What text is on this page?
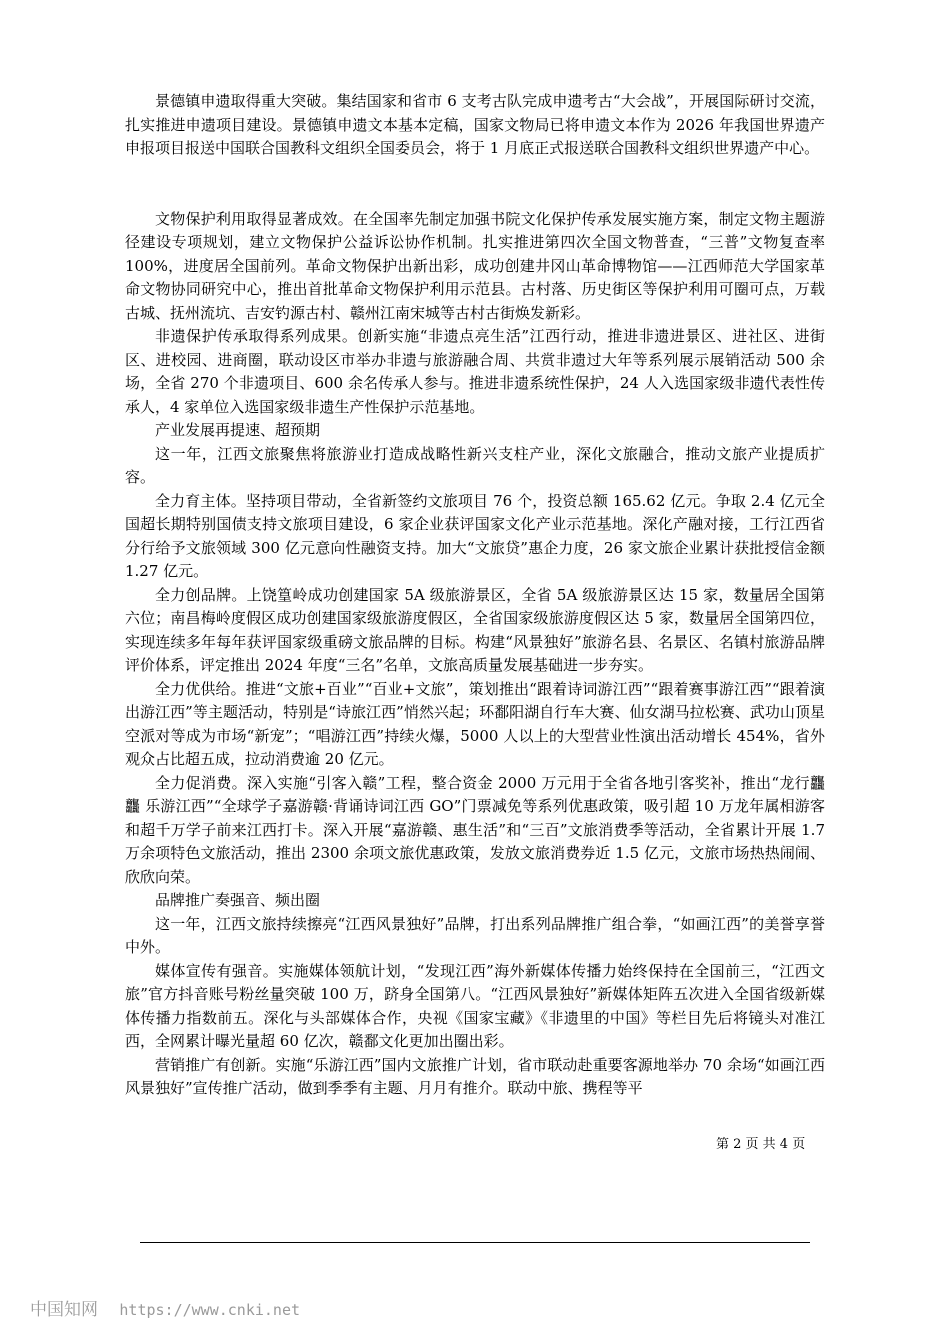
景德镇申遗取得重大突破。集结国家和省市 6 支考古队完成申遗考古“大会战”，开展国际研讨交流，扎实推进申遗项目建设。景德镇申遗文本基本定稿，国家文物局已将申遗文本作为 2026 年我国世界遗产申报项目报送中国联合国教科文组织全国委员会，将于 1 月底正式报送联合国教科文组织世界遗产中心。

文物保护利用取得显著成效。在全国率先制定加强书院文化保护传承发展实施方案，制定文物主题游径建设专项规划，建立文物保护公益诉讼协作机制。扎实推进第四次全国文物普查，“三普”文物复查率 100%，进度居全国前列。革命文物保护出新出彩，成功创建井冈山革命博物馆——江西师范大学国家革命文物协同研究中心，推出首批革命文物保护利用示范县。古村落、历史街区等保护利用可圈可点，万载古城、抚州流坑、吉安钓源古村、赣州江南宋城等古村古街焕发新彩。

非遗保护传承取得系列成果。创新实施“非遗点亮生活”江西行动，推进非遗进景区、进社区、进街区、进校园、进商圈，联动设区市举办非遗与旅游融合周、共赏非遗过大年等系列展示展销活动 500 余场，全省 270 个非遗项目、600 余名传承人参与。推进非遗系统性保护，24 人入选国家级非遗代表性传承人，4 家单位入选国家级非遗生产性保护示范基地。

产业发展再提速、超预期

这一年，江西文旅聚焦将旅游业打造成战略性新兴支柱产业，深化文旅融合，推动文旅产业提质扩容。

全力育主体。坚持项目带动，全省新签约文旅项目 76 个，投资总额 165.62 亿元。争取 2.4 亿元全国超长期特别国债支持文旅项目建设，6 家企业获评国家文化产业示范基地。深化产融对接，工行江西省分行给予文旅领域 300 亿元意向性融资支持。加大“文旅贷”惠企力度，26 家文旅企业累计获批授信金额 1.27 亿元。

全力创品牌。上饶篁岭成功创建国家 5A 级旅游景区，全省 5A 级旅游景区达 15 家，数量居全国第六位；南昌梅岭度假区成功创建国家级旅游度假区，全省国家级旅游度假区达 5 家，数量居全国第四位，实现连续多年每年获评国家级重磅文旅品牌的目标。构建“风景独好”旅游名县、名景区、名镇村旅游品牌评价体系，评定推出 2024 年度“三名”名单，文旅高质量发展基础进一步夯实。

全力优供给。推进“文旅+百业”“百业+文旅”，策划推出“跟着诗词游江西”“跟着赛事游江西”“跟着演出游江西”等主题活动，特别是“诗旅江西”悄然兴起；环鄱阳湖自行车大赛、仙女湖马拉松赛、武功山顶星空派对等成为市场“新宠”；“唱游江西”持续火爆，5000 人以上的大型营业性演出活动增长 454%，省外观众占比超五成，拉动消费逾 20 亿元。

全力促消费。深入实施“引客入赣”工程，整合资金 2000 万元用于全省各地引客奖补，推出“龙行龘龘 乐游江西”“全球学子嘉游赣·背诵诗词江西 GO”门票减免等系列优惠政策，吸引超 10 万龙年属相游客和超千万学子前来江西打卡。深入开展“嘉游赣、惠生活”和“三百”文旅消费季等活动，全省累计开展 1.7 万余项特色文旅活动，推出 2300 余项文旅优惠政策，发放文旅消费券近 1.5 亿元，文旅市场热热闹闹、欣欣向荣。

品牌推广奏强音、频出圈

这一年，江西文旅持续擦亮“江西风景独好”品牌，打出系列品牌推广组合拳，“如画江西”的美誉享誉中外。

媒体宣传有强音。实施媒体领航计划，“发现江西”海外新媒体传播力始终保持在全国前三，“江西文旅”官方抖音账号粉丝量突破 100 万，跻身全国第八。“江西风景独好”新媒体矩阵五次进入全国省级新媒体传播力指数前五。深化与头部媒体合作，央视《国家宝藏》《非遗里的中国》等栏目先后将镜头对准江西，全网累计曝光量超 60 亿次，赣鄱文化更加出圈出彩。

营销推广有创新。实施“乐游江西”国内文旅推广计划，省市联动赴重要客源地举办 70 余场“如画江西 风景独好”宣传推广活动，做到季季有主题、月月有推介。联动中旅、携程等平

第 2 页 共 4 页
中国知网 https://www.cnki.net
